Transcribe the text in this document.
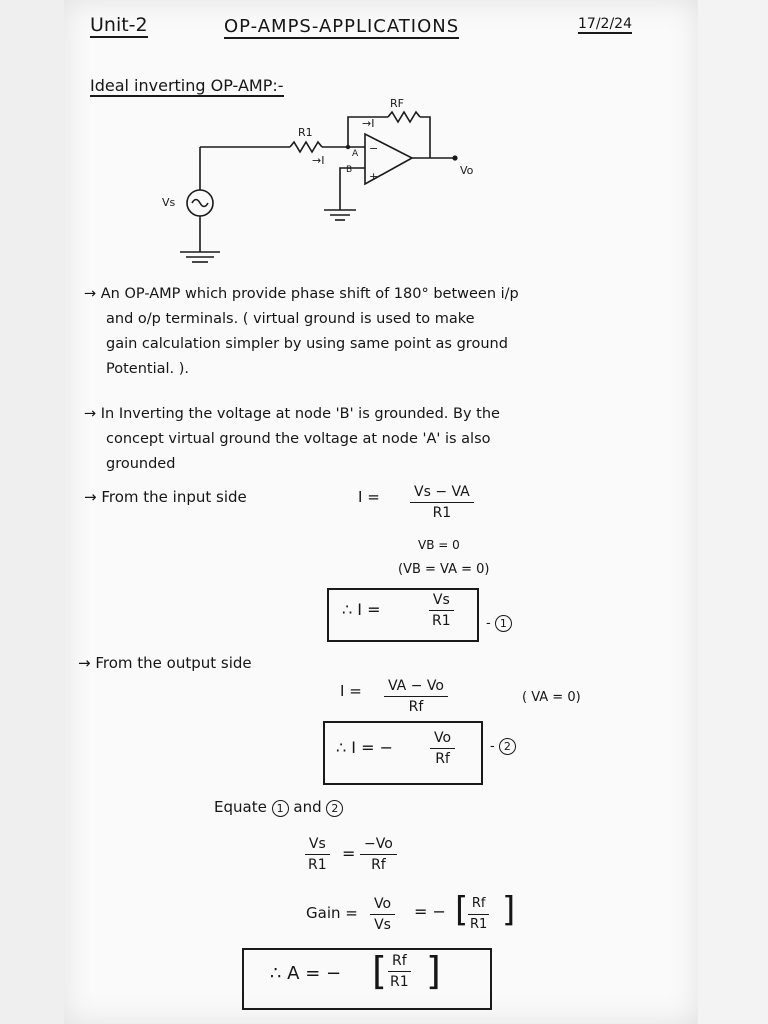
Unit-2	OP-AMPS-APPLICATIONS	17/2/24
Ideal inverting OP-AMP:-
RF
R1
→I
→I	A
B
−
+	Vo
Vs
→ An OP-AMP which provide phase shift of 180° between i/p
and o/p terminals. ( virtual ground is used to make
gain calculation simpler by using same point as ground
Potential. ).
→ In Inverting the voltage at node 'B' is grounded. By the
concept virtual ground the voltage at node 'A' is also
grounded
→ From the input side	$I = \frac{Vs - VA}{R1}$
VB = 0
(VB = VA = 0)
∴ I =	$\frac{Vs}{R1} - 1$
→ From the output side
$I = \frac{VA - Vo}{Rf}$	( VA = 0)
∴ I = −	$\frac{Vo}{Rf}$	- 2
Equate 1 and 2
$\frac{Vs}{R1} = \frac{-Vo}{Rf}$
Gain = $\frac{Vo}{Vs}$ = − [
$\frac{Rf}{R1}$ ]
∴ A = − [ $\frac{Rf}{R1}$ ]
